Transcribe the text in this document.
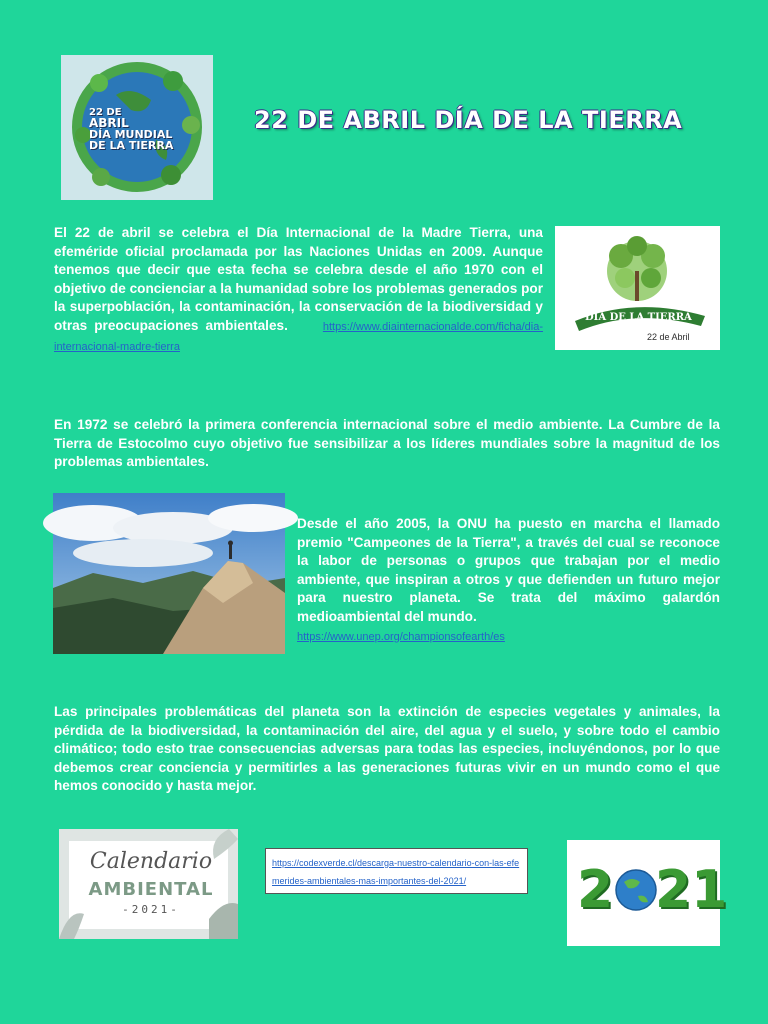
22 DE
ABRIL
DÍA MUNDIAL
DE LA TIERRA
22 DE ABRIL DÍA DE LA TIERRA
El 22 de abril se celebra el Día Internacional de la Madre Tierra, una efeméride oficial proclamada por las Naciones Unidas en 2009. Aunque tenemos que decir que esta fecha se celebra desde el año 1970 con el objetivo de concienciar a la humanidad sobre los problemas generados por la superpoblación, la contaminación, la conservación de la biodiversidad y otras preocupaciones ambientales.	https://www.diainternacionalde.com/ficha/dia-internacional-madre-tierra
DÍA DE LA TIERRA
22 de Abril
En 1972 se celebró la primera conferencia internacional sobre el medio ambiente. La Cumbre de la Tierra de Estocolmo cuyo objetivo fue sensibilizar a los líderes mundiales sobre la magnitud de los problemas ambientales.
Desde el año 2005, la ONU ha puesto en marcha el llamado premio "Campeones de la Tierra", a través del cual se reconoce la labor de personas o grupos que trabajan por el medio ambiente, que inspiran a otros y que defienden un futuro mejor para nuestro planeta. Se trata del máximo galardón medioambiental del mundo.
https://www.unep.org/championsofearth/es
Las principales problemáticas del planeta son la extinción de especies vegetales y animales, la pérdida de la biodiversidad, la contaminación del aire, del agua y el suelo, y sobre todo el cambio climático; todo esto trae consecuencias adversas para todas las especies, incluyéndonos, por lo que debemos crear conciencia y permitirles a las generaciones futuras vivir en un mundo como el que hemos conocido y hasta mejor.
Calendario
AMBIENTAL
-2021-
https://codexverde.cl/descarga-nuestro-calendario-con-las-efemerides-ambientales-mas-importantes-del-2021/	2 21
